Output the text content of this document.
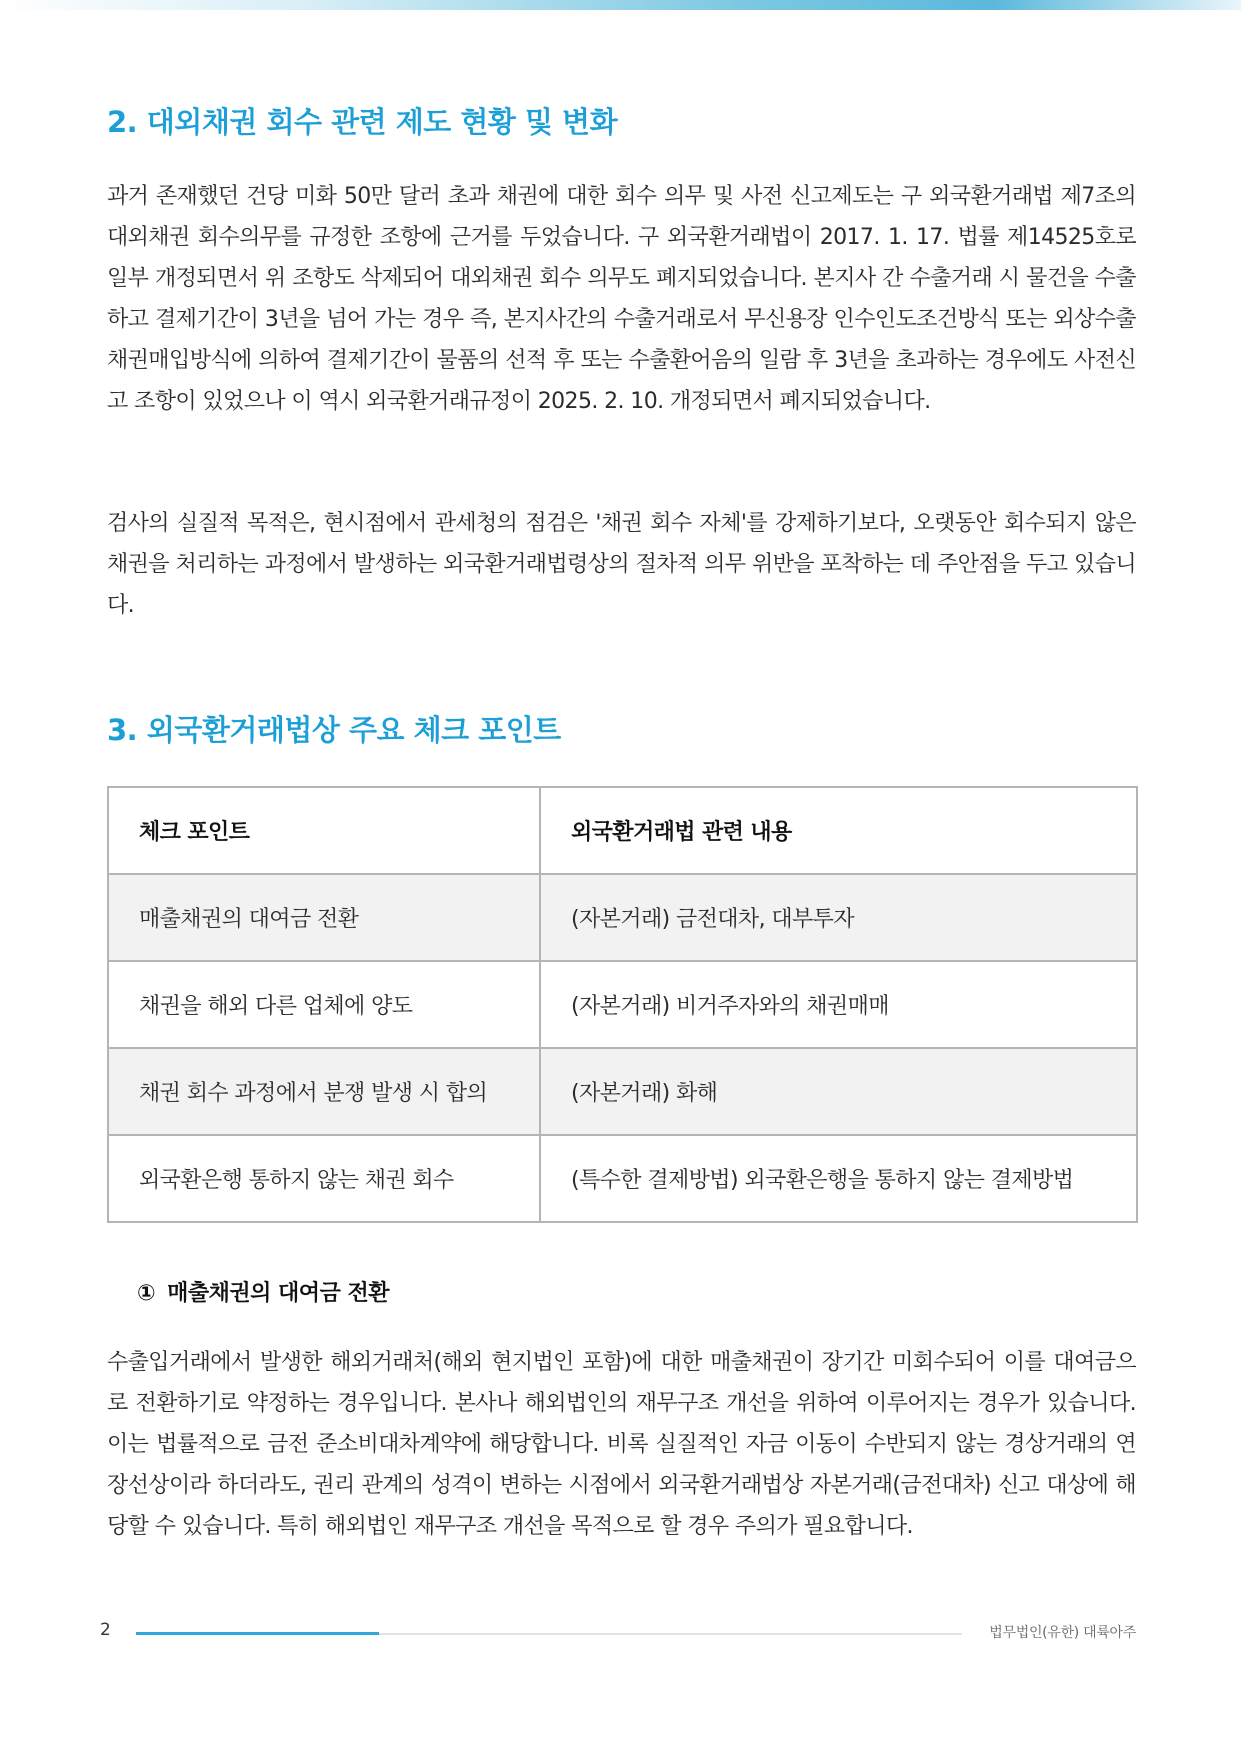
2. 대외채권 회수 관련 제도 현황 및 변화

과거 존재했던 건당 미화 50만 달러 초과 채권에 대한 회수 의무 및 사전 신고제도는 구 외국환거래법 제7조의 대외채권 회수의무를 규정한 조항에 근거를 두었습니다. 구 외국환거래법이 2017. 1. 17. 법률 제14525호로 일부 개정되면서 위 조항도 삭제되어 대외채권 회수 의무도 폐지되었습니다. 본지사 간 수출거래 시 물건을 수출하고 결제기간이 3년을 넘어 가는 경우 즉, 본지사간의 수출거래로서 무신용장 인수인도조건방식 또는 외상수출채권매입방식에 의하여 결제기간이 물품의 선적 후 또는 수출환어음의 일람 후 3년을 초과하는 경우에도 사전신고 조항이 있었으나 이 역시 외국환거래규정이 2025. 2. 10. 개정되면서 폐지되었습니다.

검사의 실질적 목적은, 현시점에서 관세청의 점검은 '채권 회수 자체'를 강제하기보다, 오랫동안 회수되지 않은 채권을 처리하는 과정에서 발생하는 외국환거래법령상의 절차적 의무 위반을 포착하는 데 주안점을 두고 있습니다.

3. 외국환거래법상 주요 체크 포인트
체크 포인트	외국환거래법 관련 내용
매출채권의 대여금 전환	(자본거래) 금전대차, 대부투자
채권을 해외 다른 업체에 양도	(자본거래) 비거주자와의 채권매매
채권 회수 과정에서 분쟁 발생 시 합의	(자본거래) 화해
외국환은행 통하지 않는 채권 회수	(특수한 결제방법) 외국환은행을 통하지 않는 결제방법

① 매출채권의 대여금 전환

수출입거래에서 발생한 해외거래처(해외 현지법인 포함)에 대한 매출채권이 장기간 미회수되어 이를 대여금으로 전환하기로 약정하는 경우입니다. 본사나 해외법인의 재무구조 개선을 위하여 이루어지는 경우가 있습니다. 이는 법률적으로 금전 준소비대차계약에 해당합니다. 비록 실질적인 자금 이동이 수반되지 않는 경상거래의 연장선상이라 하더라도, 권리 관계의 성격이 변하는 시점에서 외국환거래법상 자본거래(금전대차) 신고 대상에 해당할 수 있습니다. 특히 해외법인 재무구조 개선을 목적으로 할 경우 주의가 필요합니다.

2	법무법인(유한) 대륙아주
